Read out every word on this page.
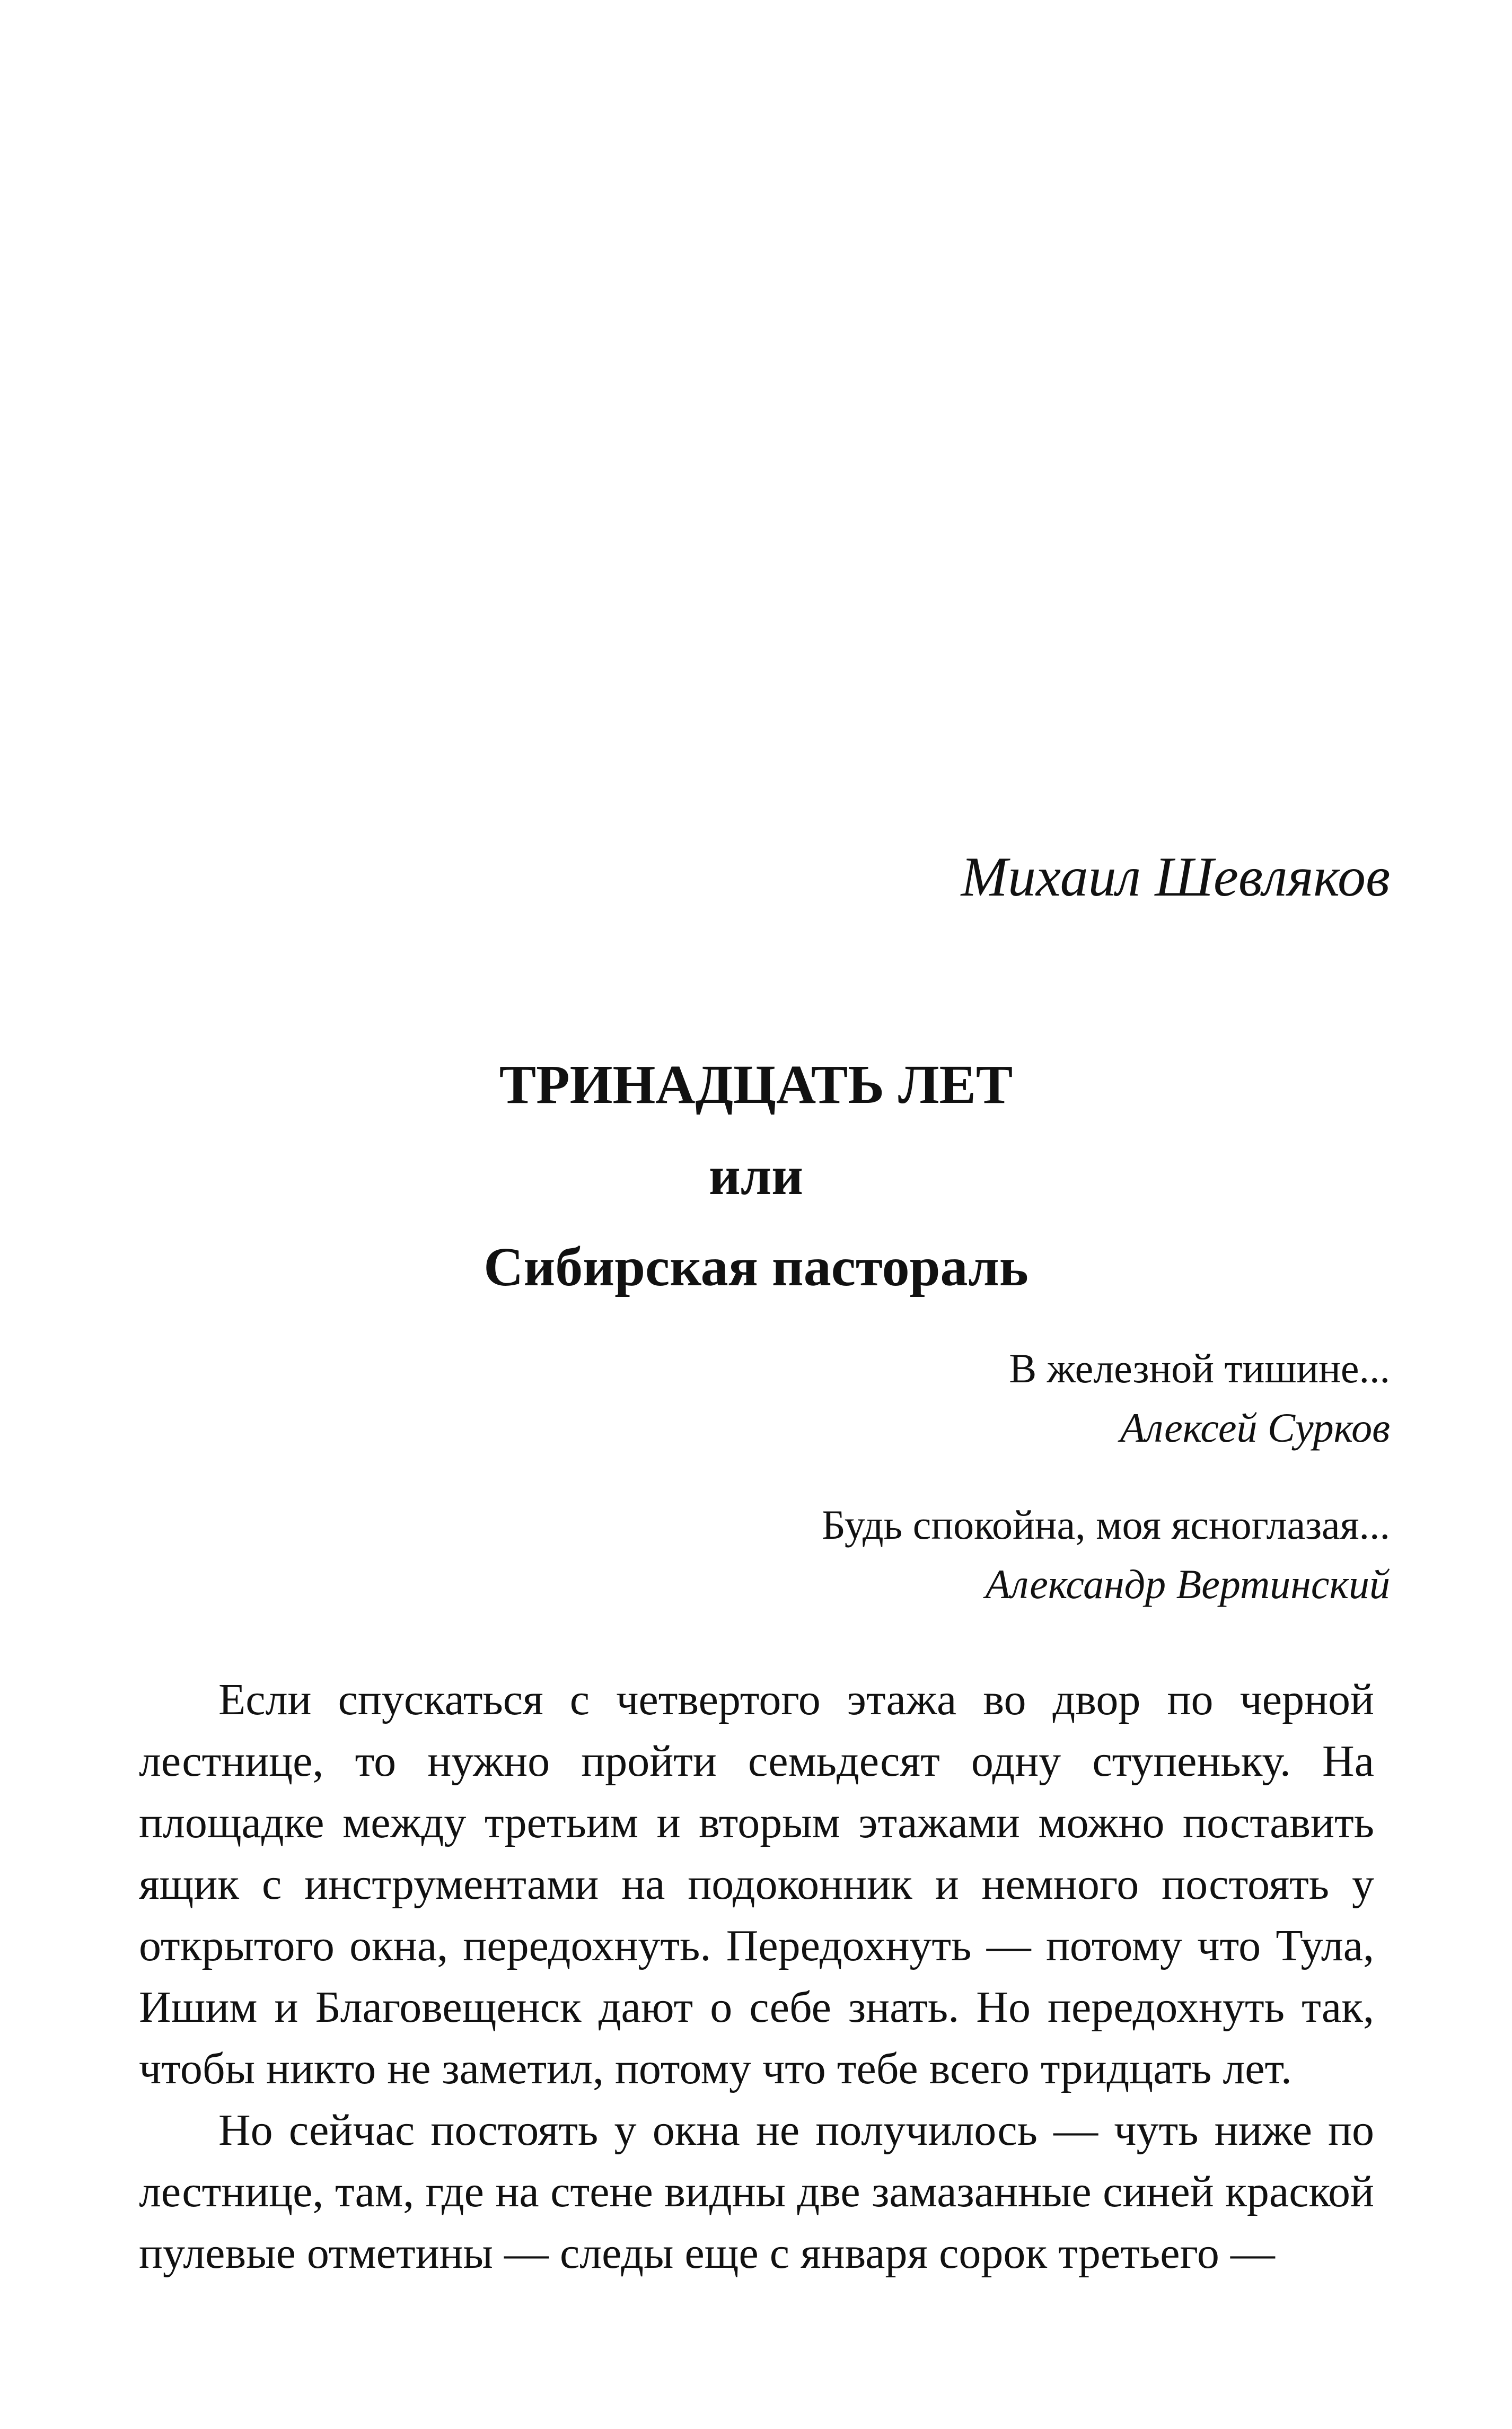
Михаил Шевляков
ТРИНАДЦАТЬ ЛЕТ
или
Сибирская пастораль
В железной тишине...
Алексей Сурков
Будь спокойна, моя ясноглазая...
Александр Вертинский

Если спускаться с четвертого этажа во двор по черной лестнице, то нужно пройти семьдесят одну ступеньку. На площадке между третьим и вторым этажами можно поставить ящик с инструментами на подоконник и немного постоять у открытого окна, передохнуть. Передохнуть — потому что Тула, Ишим и Благовещенск дают о себе знать. Но передохнуть так, чтобы никто не заметил, потому что тебе всего тридцать лет.

Но сейчас постоять у окна не получилось — чуть ниже по лестнице, там, где на стене видны две замазанные синей краской пулевые отметины — следы еще с января сорок третьего —
